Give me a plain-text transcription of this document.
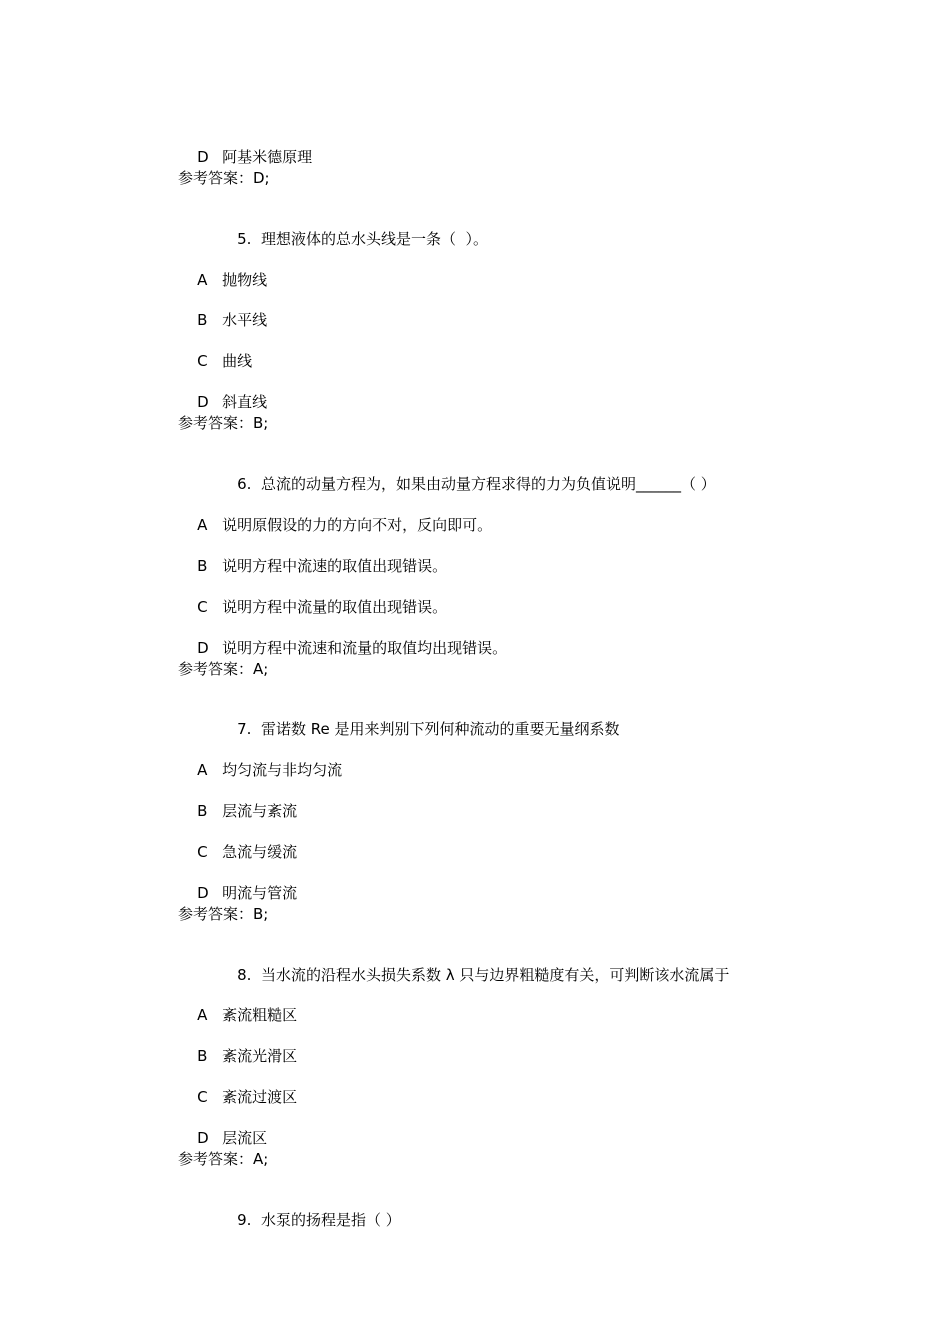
D 阿基米德原理

参考答案：D;

5. 理想液体的总水头线是一条（  ）。

A 抛物线

B 水平线

C 曲线

D 斜直线

参考答案：B;

6. 总流的动量方程为，如果由动量方程求得的力为负值说明______（ ）

A 说明原假设的力的方向不对，反向即可。

B 说明方程中流速的取值出现错误。

C 说明方程中流量的取值出现错误。

D 说明方程中流速和流量的取值均出现错误。

参考答案：A;

7. 雷诺数 Re 是用来判别下列何种流动的重要无量纲系数

A 均匀流与非均匀流

B 层流与紊流

C 急流与缓流

D 明流与管流

参考答案：B;

8. 当水流的沿程水头损失系数 λ 只与边界粗糙度有关，可判断该水流属于

A 紊流粗糙区

B 紊流光滑区

C 紊流过渡区

D 层流区

参考答案：A;

9. 水泵的扬程是指（ ）
